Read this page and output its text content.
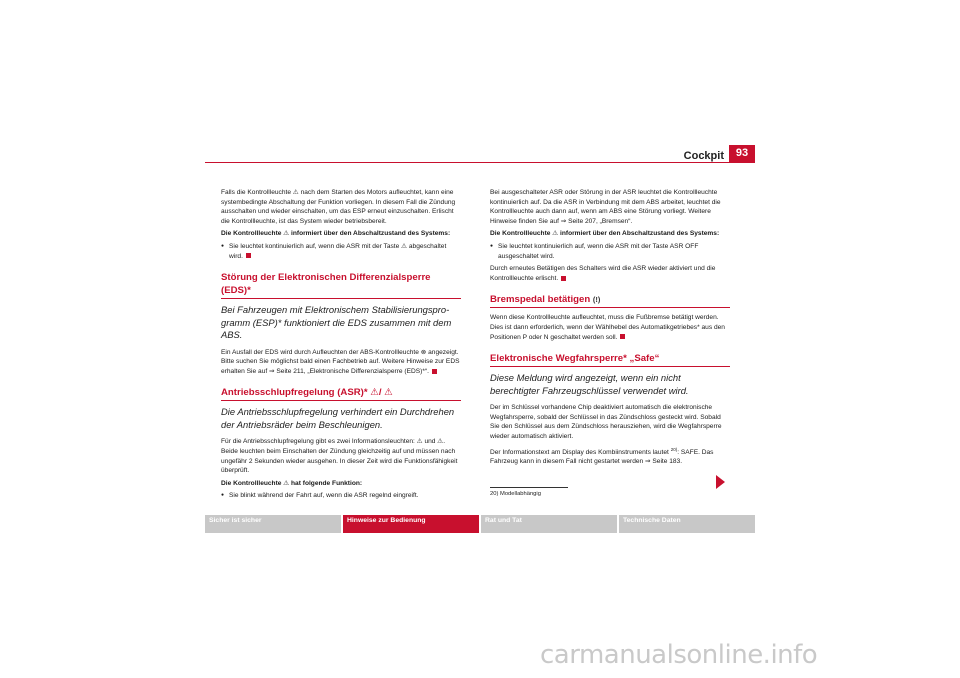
Cockpit	93

Falls die Kontrollleuchte ⚠ nach dem Starten des Motors aufleuchtet, kann eine systembedingte Abschaltung der Funktion vorliegen. In diesem Fall die Zündung ausschalten und wieder einschalten, um das ESP erneut einzuschalten. Erlischt die Kontrollleuchte, ist das System wieder betriebsbereit.

Die Kontrollleuchte ⚠ informiert über den Abschaltzustand des Systems:

● Sie leuchtet kontinuierlich auf, wenn die ASR mit der Taste ⚠ abgeschaltet wird.

Störung der Elektronischen Differenzialsperre (EDS)*

Bei Fahrzeugen mit Elektronischem Stabilisierungsprogramm (ESP)* funktioniert die EDS zusammen mit dem ABS.

Ein Ausfall der EDS wird durch Aufleuchten der ABS-Kontrollleuchte ⊗ angezeigt. Bitte suchen Sie möglichst bald einen Fachbetrieb auf. Weitere Hinweise zur EDS erhalten Sie auf ⇒ Seite 211, „Elektronische Differenzialsperre (EDS)*“.

Antriebsschlupfregelung (ASR)* ⚠/ ⚠

Die Antriebsschlupfregelung verhindert ein Durchdrehen der Antriebsräder beim Beschleunigen.

Für die Antriebsschlupfregelung gibt es zwei Informationsleuchten: ⚠ und ⚠. Beide leuchten beim Einschalten der Zündung gleichzeitig auf und müssen nach ungefähr 2 Sekunden wieder ausgehen. In dieser Zeit wird die Funktionsfähigkeit überprüft.

Die Kontrollleuchte ⚠ hat folgende Funktion:

● Sie blinkt während der Fahrt auf, wenn die ASR regelnd eingreift.

Bei ausgeschalteter ASR oder Störung in der ASR leuchtet die Kontrollleuchte kontinuierlich auf. Da die ASR in Verbindung mit dem ABS arbeitet, leuchtet die Kontrollleuchte auch dann auf, wenn am ABS eine Störung vorliegt. Weitere Hinweise finden Sie auf ⇒ Seite 207, „Bremsen“.

Die Kontrollleuchte ⚠ informiert über den Abschaltzustand des Systems:

● Sie leuchtet kontinuierlich auf, wenn die ASR mit der Taste ASR OFF ausgeschaltet wird.

Durch erneutes Betätigen des Schalters wird die ASR wieder aktiviert und die Kontrollleuchte erlischt.

Bremspedal betätigen (!)

Wenn diese Kontrollleuchte aufleuchtet, muss die Fußbremse betätigt werden. Dies ist dann erforderlich, wenn der Wählhebel des Automatikgetriebes* aus den Positionen P oder N geschaltet werden soll.

Elektronische Wegfahrsperre* „Safe“

Diese Meldung wird angezeigt, wenn ein nicht berechtigter Fahrzeugschlüssel verwendet wird.

Der im Schlüssel vorhandene Chip deaktiviert automatisch die elektronische Wegfahrsperre, sobald der Schlüssel in das Zündschloss gesteckt wird. Sobald Sie den Schlüssel aus dem Zündschloss herausziehen, wird die Wegfahrsperre wieder automatisch aktiviert.

Der Informationstext am Display des Kombiinstruments lautet $^{20)}$: SAFE. Das Fahrzeug kann in diesem Fall nicht gestartet werden ⇒ Seite 183.

20) Modellabhängig
Sicher ist sicher	Hinweise zur Bedienung	Rat und Tat	Technische Daten
carmanualsonline.info
